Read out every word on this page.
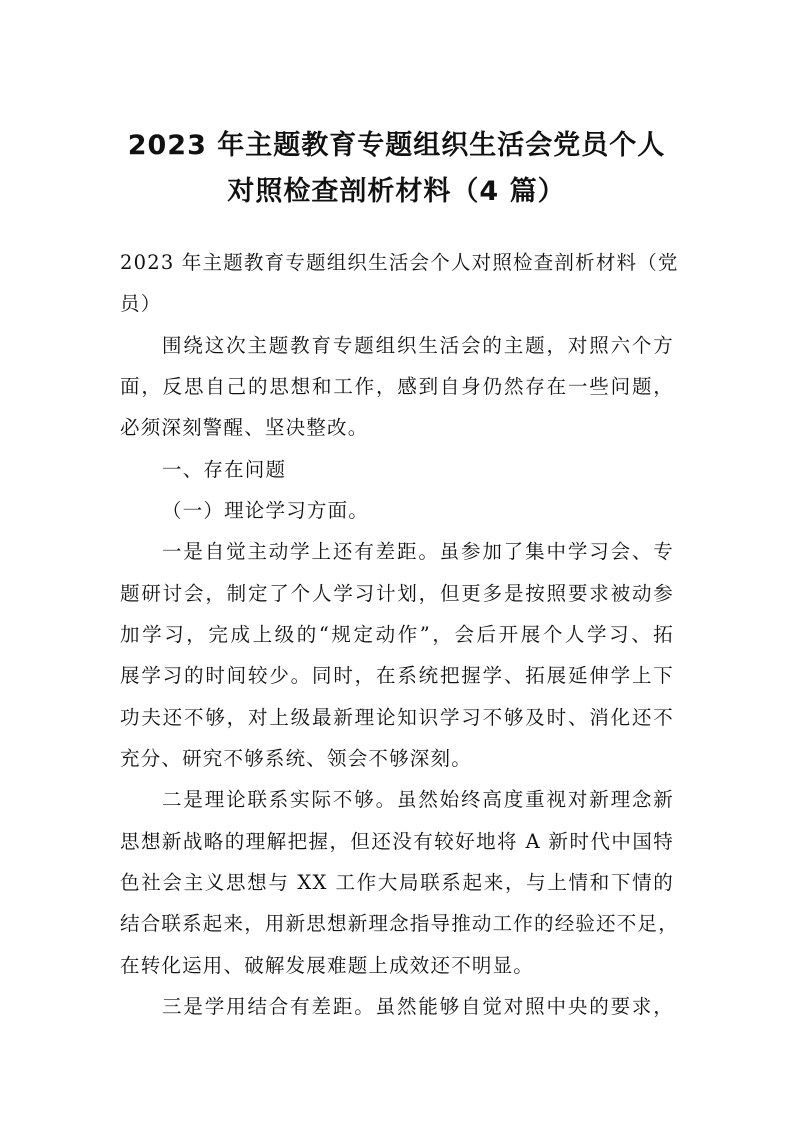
2023 年主题教育专题组织生活会党员个人
对照检查剖析材料（4 篇）
2023 年主题教育专题组织生活会个人对照检查剖析材料（党
员）
围绕这次主题教育专题组织生活会的主题，对照六个方
面，反思自己的思想和工作，感到自身仍然存在一些问题，
必须深刻警醒、坚决整改。
一、存在问题
（一）理论学习方面。
一是自觉主动学上还有差距。虽参加了集中学习会、专
题研讨会，制定了个人学习计划，但更多是按照要求被动参
加学习，完成上级的“规定动作”，会后开展个人学习、拓
展学习的时间较少。同时，在系统把握学、拓展延伸学上下
功夫还不够，对上级最新理论知识学习不够及时、消化还不
充分、研究不够系统、领会不够深刻。
二是理论联系实际不够。虽然始终高度重视对新理念新
思想新战略的理解把握，但还没有较好地将 A 新时代中国特
色社会主义思想与 XX 工作大局联系起来，与上情和下情的
结合联系起来，用新思想新理念指导推动工作的经验还不足，
在转化运用、破解发展难题上成效还不明显。
三是学用结合有差距。虽然能够自觉对照中央的要求，
